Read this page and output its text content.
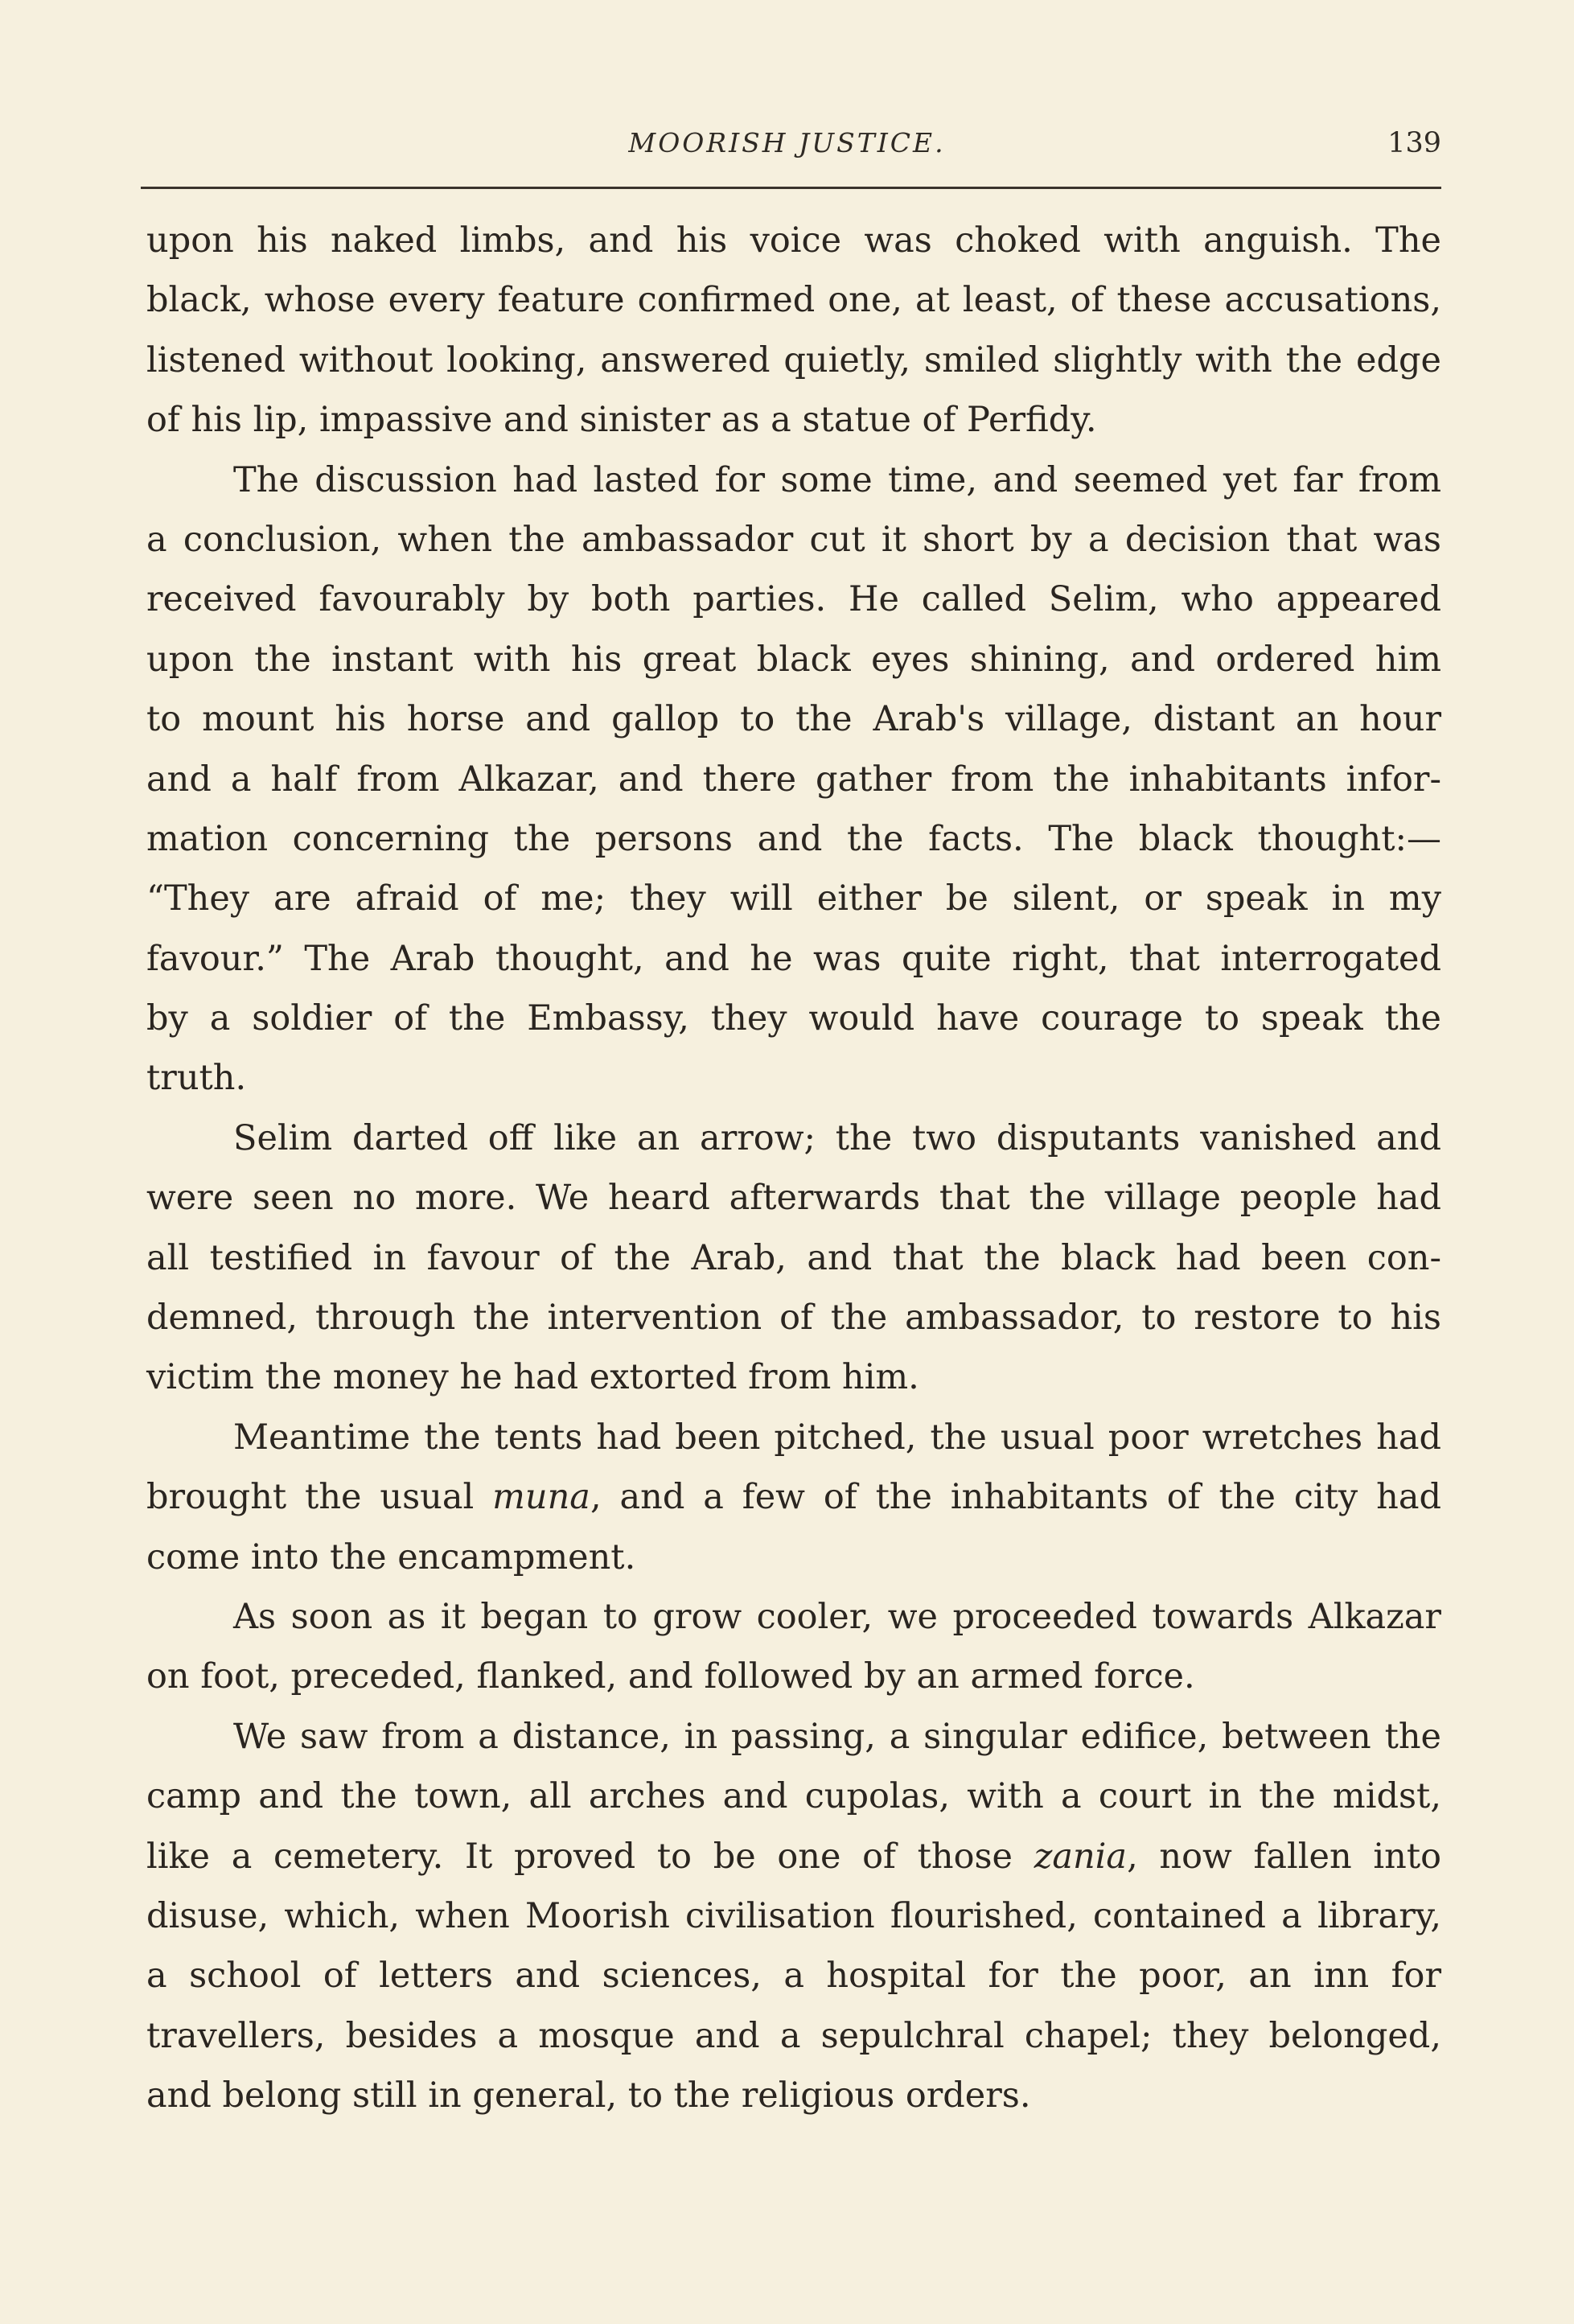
MOORISH JUSTICE.	139
upon his naked limbs, and his voice was choked with anguish. The
black, whose every feature confirmed one, at least, of these accusations,
listened without looking, answered quietly, smiled slightly with the edge
of his lip, impassive and sinister as a statue of Perfidy.
The discussion had lasted for some time, and seemed yet far from
a conclusion, when the ambassador cut it short by a decision that was
received favourably by both parties. He called Selim, who appeared
upon the instant with his great black eyes shining, and ordered him
to mount his horse and gallop to the Arab's village, distant an hour
and a half from Alkazar, and there gather from the inhabitants infor-
mation concerning the persons and the facts. The black thought:—
“They are afraid of me; they will either be silent, or speak in my
favour.” The Arab thought, and he was quite right, that interrogated
by a soldier of the Embassy, they would have courage to speak the
truth.
Selim darted off like an arrow; the two disputants vanished and
were seen no more. We heard afterwards that the village people had
all testified in favour of the Arab, and that the black had been con-
demned, through the intervention of the ambassador, to restore to his
victim the money he had extorted from him.
Meantime the tents had been pitched, the usual poor wretches had
brought the usual muna, and a few of the inhabitants of the city had
come into the encampment.
As soon as it began to grow cooler, we proceeded towards Alkazar
on foot, preceded, flanked, and followed by an armed force.
We saw from a distance, in passing, a singular edifice, between the
camp and the town, all arches and cupolas, with a court in the midst,
like a cemetery. It proved to be one of those zania, now fallen into
disuse, which, when Moorish civilisation flourished, contained a library,
a school of letters and sciences, a hospital for the poor, an inn for
travellers, besides a mosque and a sepulchral chapel; they belonged,
and belong still in general, to the religious orders.
